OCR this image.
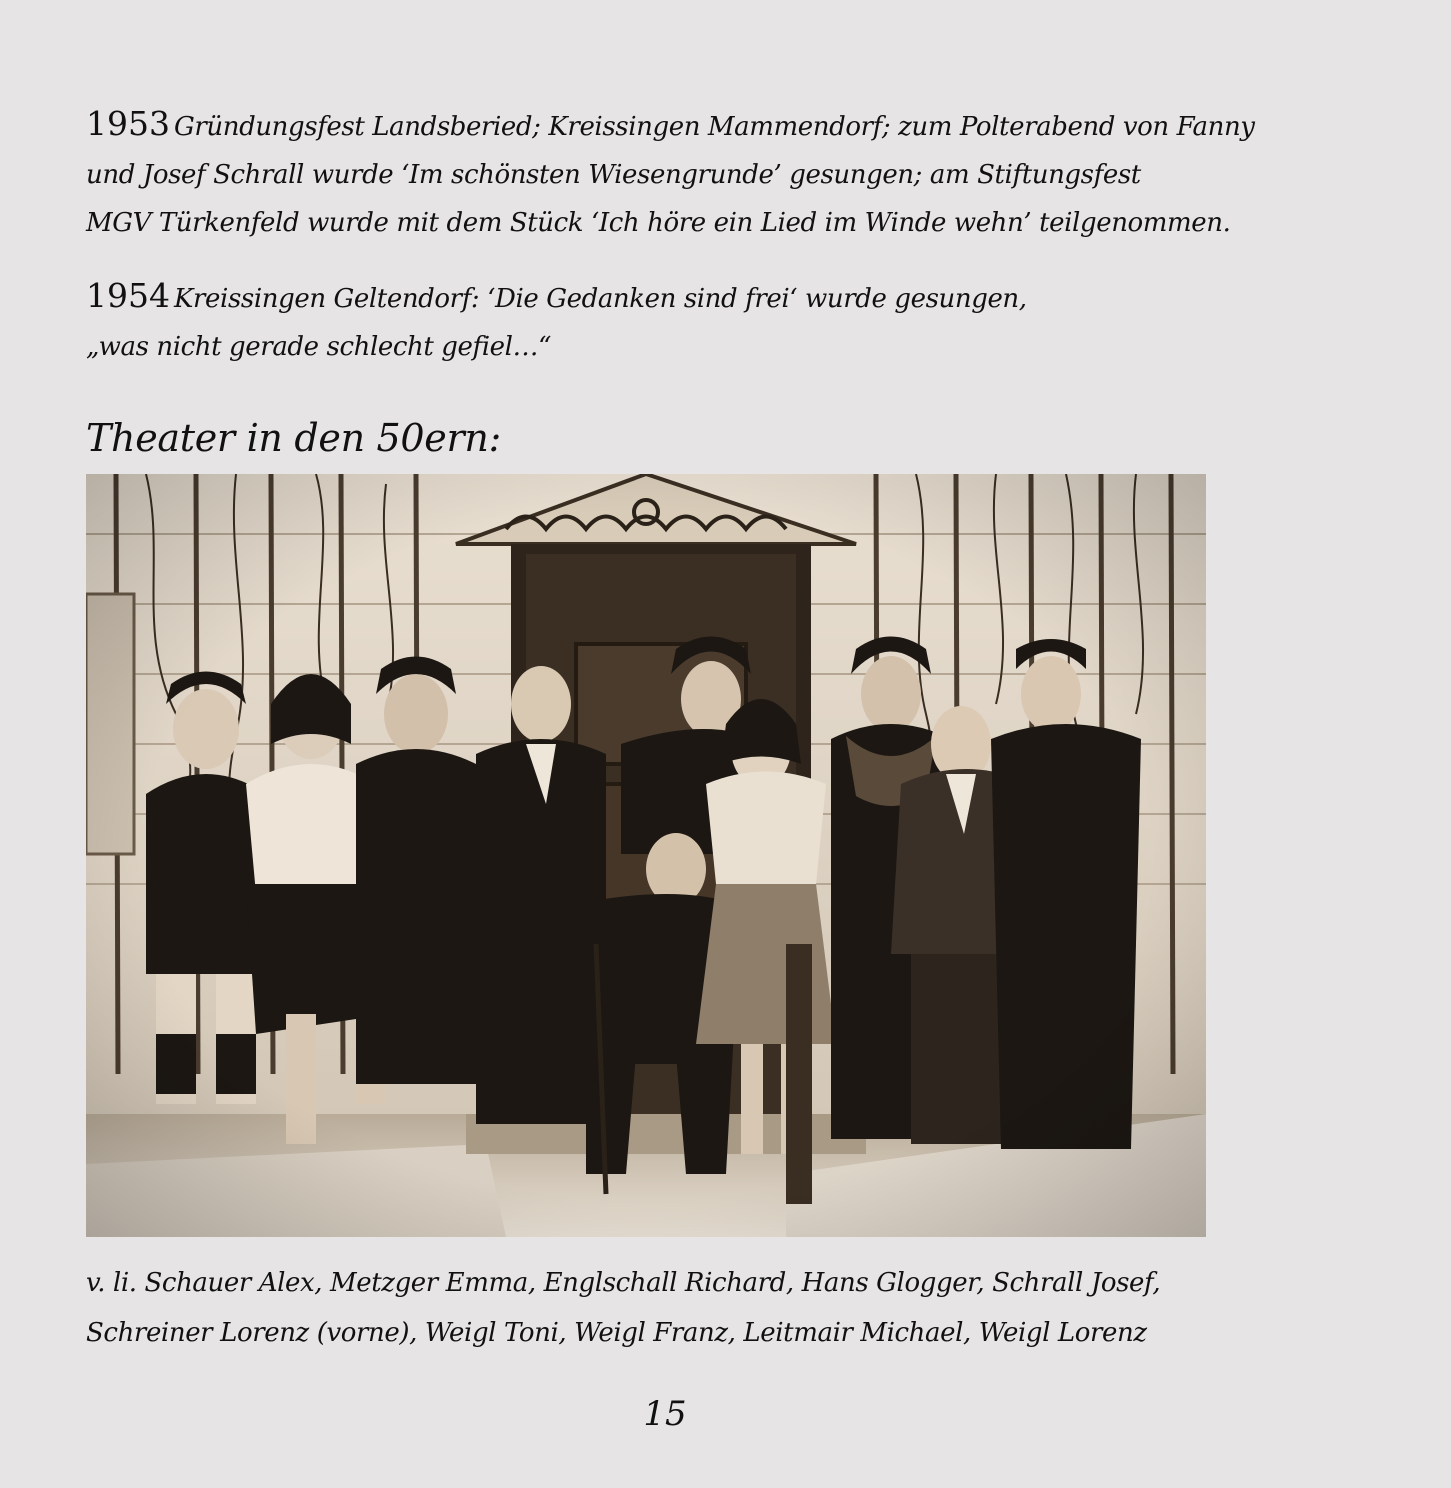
1953 Gründungsfest Landsberied; Kreissingen Mammendorf; zum Polterabend von Fanny
und Josef Schrall wurde ‘Im schönsten Wiesengrunde’ gesungen; am Stiftungsfest
MGV Türkenfeld wurde mit dem Stück ‘Ich höre ein Lied im Winde wehn’ teilgenommen.
1954 Kreissingen Geltendorf: ‘Die Gedanken sind frei‘ wurde gesungen,
„was nicht gerade schlecht gefiel…“
Theater in den 50ern:
v. li. Schauer Alex, Metzger Emma, Englschall Richard, Hans Glogger, Schrall Josef,
Schreiner Lorenz (vorne), Weigl Toni, Weigl Franz, Leitmair Michael, Weigl Lorenz
15
